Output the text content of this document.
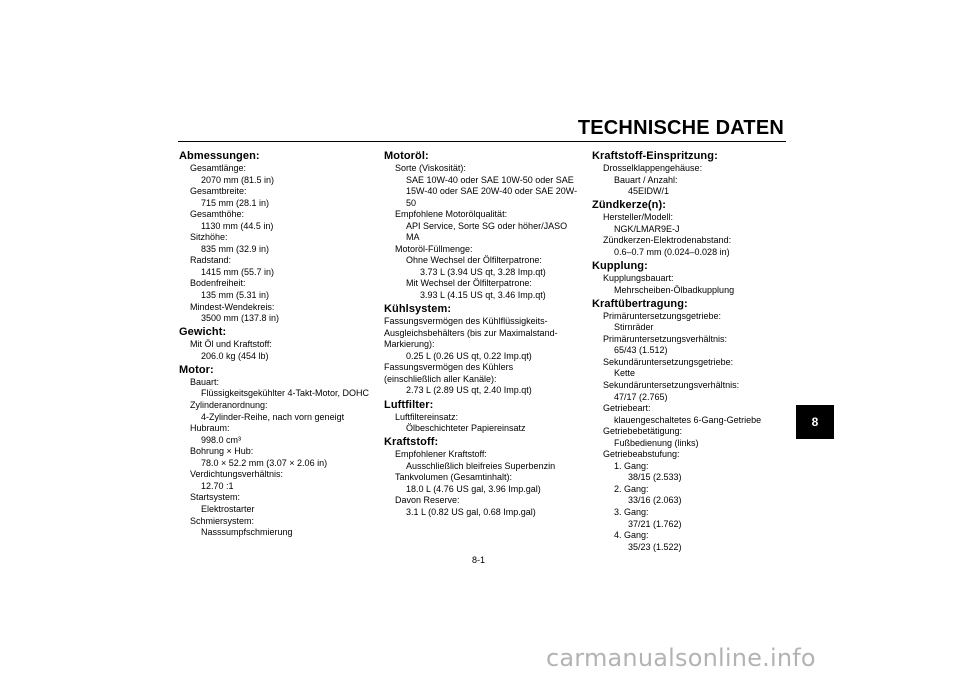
TECHNISCHE DATEN
Abmessungen:
Gesamtlänge:
2070 mm (81.5 in)
Gesamtbreite:
715 mm (28.1 in)
Gesamthöhe:
1130 mm (44.5 in)
Sitzhöhe:
835 mm (32.9 in)
Radstand:
1415 mm (55.7 in)
Bodenfreiheit:
135 mm (5.31 in)
Mindest-Wendekreis:
3500 mm (137.8 in)
Gewicht:
Mit Öl und Kraftstoff:
206.0 kg (454 lb)
Motor:
Bauart:
Flüssigkeitsgekühlter 4-Takt-Motor, DOHC
Zylinderanordnung:
4-Zylinder-Reihe, nach vorn geneigt
Hubraum:
998.0 cm³
Bohrung × Hub:
78.0 × 52.2 mm (3.07 × 2.06 in)
Verdichtungsverhältnis:
12.70 :1
Startsystem:
Elektrostarter
Schmiersystem:
Nasssumpfschmierung
Motoröl:
Sorte (Viskosität):
SAE 10W-40 oder SAE 10W-50 oder SAE
15W-40 oder SAE 20W-40 oder SAE 20W-
50
Empfohlene Motorölqualität:
API Service, Sorte SG oder höher/JASO
MA
Motoröl-Füllmenge:
Ohne Wechsel der Ölfilterpatrone:
3.73 L (3.94 US qt, 3.28 Imp.qt)
Mit Wechsel der Ölfilterpatrone:
3.93 L (4.15 US qt, 3.46 Imp.qt)
Kühlsystem:
Fassungsvermögen des Kühlflüssigkeits-
Ausgleichsbehälters (bis zur Maximalstand-
Markierung):
0.25 L (0.26 US qt, 0.22 Imp.qt)
Fassungsvermögen des Kühlers
(einschließlich aller Kanäle):
2.73 L (2.89 US qt, 2.40 Imp.qt)
Luftfilter:
Luftfiltereinsatz:
Ölbeschichteter Papiereinsatz
Kraftstoff:
Empfohlener Kraftstoff:
Ausschließlich bleifreies Superbenzin
Tankvolumen (Gesamtinhalt):
18.0 L (4.76 US gal, 3.96 Imp.gal)
Davon Reserve:
3.1 L (0.82 US gal, 0.68 Imp.gal)
Kraftstoff-Einspritzung:
Drosselklappengehäuse:
Bauart / Anzahl:
45EIDW/1
Zündkerze(n):
Hersteller/Modell:
NGK/LMAR9E-J
Zündkerzen-Elektrodenabstand:
0.6–0.7 mm (0.024–0.028 in)
Kupplung:
Kupplungsbauart:
Mehrscheiben-Ölbadkupplung
Kraftübertragung:
Primäruntersetzungsgetriebe:
Stirnräder
Primäruntersetzungsverhältnis:
65/43 (1.512)
Sekundäruntersetzungsgetriebe:
Kette
Sekundäruntersetzungsverhältnis:
47/17 (2.765)
Getriebeart:
klauengeschaltetes 6-Gang-Getriebe
Getriebebetätigung:
Fußbedienung (links)
Getriebeabstufung:
1. Gang:
38/15 (2.533)
2. Gang:
33/16 (2.063)
3. Gang:
37/21 (1.762)
4. Gang:
35/23 (1.522)
8
8-1
carmanualsonline.info
